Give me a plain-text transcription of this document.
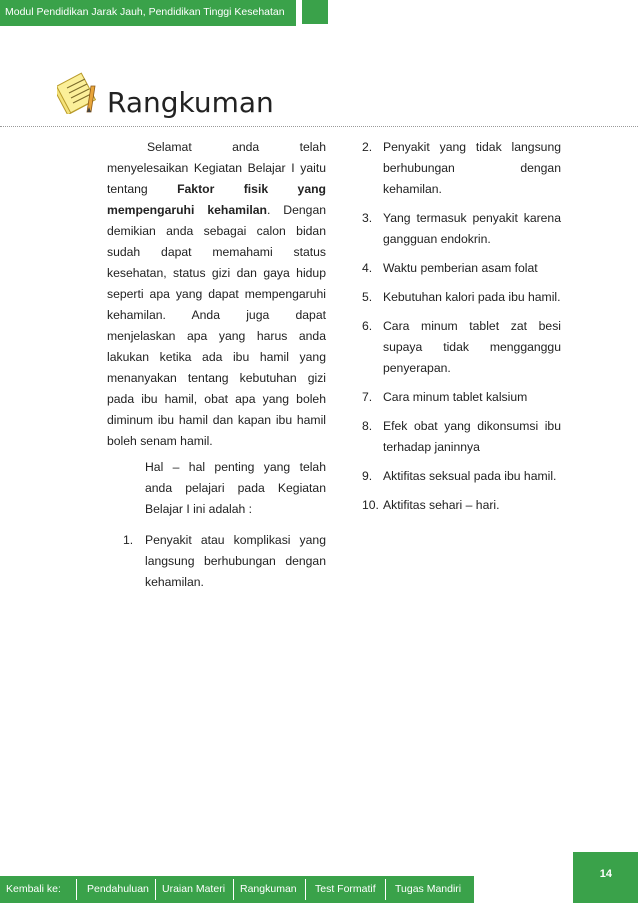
Modul Pendidikan Jarak Jauh, Pendidikan Tinggi Kesehatan
Rangkuman

Selamat anda telah menyelesaikan Kegiatan Belajar I yaitu tentang Faktor fisik yang mempengaruhi kehamilan. Dengan demikian anda sebagai calon bidan sudah dapat memahami status kesehatan, status gizi dan gaya hidup seperti apa yang dapat mempengaruhi kehamilan. Anda juga dapat menjelaskan apa yang harus anda lakukan ketika ada ibu hamil yang menanyakan tentang kebutuhan gizi pada ibu hamil, obat apa yang boleh diminum ibu hamil dan kapan ibu hamil boleh senam hamil.

Hal – hal penting yang telah anda pelajari pada Kegiatan Belajar I ini adalah :

1. Penyakit atau komplikasi yang langsung berhubungan dengan kehamilan.

2. Penyakit yang tidak langsung berhubungan dengan kehamilan.
3. Yang termasuk penyakit karena gangguan endokrin.
4. Waktu pemberian asam folat
5. Kebutuhan kalori pada ibu hamil.
6. Cara minum tablet zat besi supaya tidak mengganggu penyerapan.
7. Cara minum tablet kalsium
8. Efek obat yang dikonsumsi ibu terhadap janinnya
9. Aktifitas seksual pada ibu hamil.
10. Aktifitas sehari – hari.
14
Kembali ke: Pendahuluan Uraian Materi Rangkuman Test Formatif Tugas Mandiri
